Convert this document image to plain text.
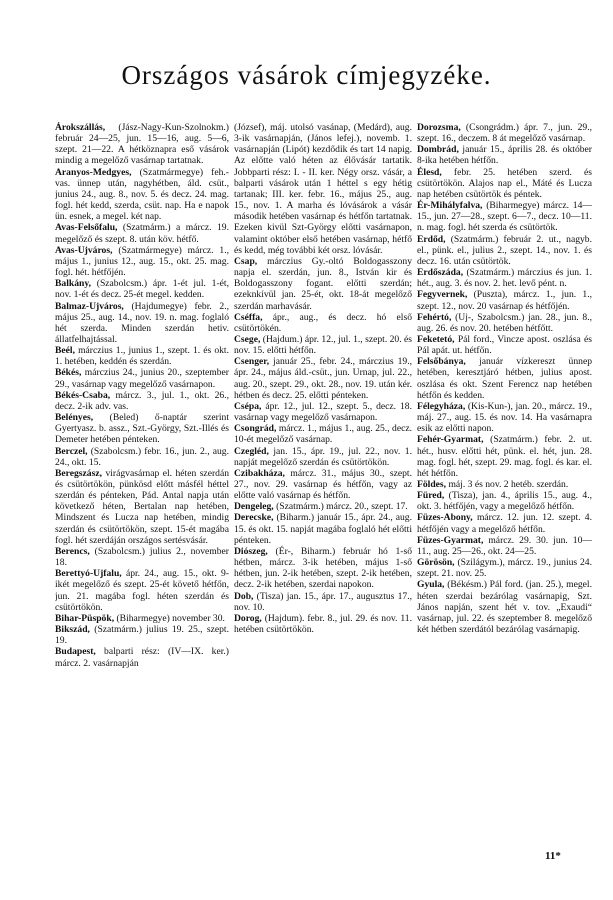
Országos vásárok címjegyzéke.

Árokszállás, (Jász-Nagy-Kun-Szolnokm.) február 24—25, jun. 15—16, aug. 5—6, szept. 21—22. A hétköznapra eső vásárok mindig a megelőző vasárnap tartatnak.

Aranyos-Medgyes, (Szatmármegye) feh.-vas. ünnep után, nagyhétben, áld. csüt., junius 24., aug. 8., nov. 5. és decz. 24. mag. fogl. hét kedd, szerda, csüt. nap. Ha e napok ün. esnek, a megel. két nap.

Avas-Felsőfalu, (Szatmárm.) a márcz. 19. megelőző és szept. 8. után köv. hétfő.

Avas-Ujváros, (Szatmármegye) márcz. 1., május 1., junius 12., aug. 15., okt. 25. mag. fogl. hét. hétfőjén.

Balkány, (Szabolcsm.) ápr. 1-ét jul. 1-ét, nov. 1-ét és decz. 25-ét megel. kedden.

Balmaz-Ujváros, (Hajdumegye) febr. 2., május 25., aug. 14., nov. 19. n. mag. foglaló hét szerda. Minden szerdán hetiv. állatfelhajtással.

Beél, márczius 1., junius 1., szept. 1. és okt. 1. hetében, keddén és szerdán.

Békés, márczius 24., junius 20., szeptember 29., vasárnap vagy megelőző vasárnapon.

Békés-Csaba, márcz. 3., jul. 1., okt. 26., decz. 2-ik adv. vas.

Belényes, (Beled) ő-naptár szerint Gyertyasz. b. assz., Szt.-György, Szt.-Illés és Demeter hetében pénteken.

Berczel, (Szabolcsm.) febr. 16., jun. 2., aug. 24., okt. 15.

Beregszász, virágvasárnap el. héten szerdán és csütörtökön, pünkösd előtt másfél héttel szerdán és pénteken, Pád. Antal napja után következő héten, Bertalan nap hetében, Mindszent és Lucza nap hetében, mindig szerdán és csütörtökön, szept. 15-ét magába fogl. hét szerdáján országos sertésvásár.

Berencs, (Szabolcsm.) julius 2., november 18.

Berettyó-Ujfalu, ápr. 24., aug. 15., okt. 9-ikét megelőző és szept. 25-ét követő hétfőn, jun. 21. magába fogl. héten szerdán és csütörtökön.

Bihar-Püspök, (Biharmegye) november 30.

Bikszád, (Szatmárm.) julius 19. 25., szept. 19.

Budapest, balparti rész: (IV—IX. ker.) márcz. 2. vasárnapján

(József), máj. utolsó vasánap, (Medárd), aug. 3-ik vasárnapján, (János lefej.), novemb. 1. vasárnapján (Lipót) kezdődik és tart 14 napig. Az előtte való héten az élővásár tartatik. Jobbparti rész: I. - II. ker. Négy orsz. vásár, a balparti vásárok után 1 héttel s egy hétig tartanak; III. ker. febr. 16., május 25., aug. 15., nov. 1. A marha és lóvásárok a vásár második hetében vasárnap és hétfőn tartatnak. Ezeken kivül Szt-György előtti vasárnapon, valamint október első hetében vasárnap, hétfő és kedd, még további két orsz. lóvásár.

Csap, márczius Gy.-oltó Boldogasszony napja el. szerdán, jun. 8., István kir és Boldogasszony fogant. előtti szerdán; ezeknkívül jan. 25-ét, okt. 18-át megelőző szerdán marhavásár.

Cséffa, ápr., aug., és decz. hó első csütörtökén.

Csege, (Hajdum.) ápr. 12., jul. 1., szept. 20. és nov. 15. előtti hétfőn.

Csenger, január 25., febr. 24., márczius 19., ápr. 24., május áld.-csüt., jun. Urnap, jul. 22., aug. 20., szept. 29., okt. 28., nov. 19. után kér. hétben és decz. 25. előtti pénteken.

Csépa, ápr. 12., jul. 12., szept. 5., decz. 18. vasárnap vagy megelőző vasárnapon.

Csongrád, márcz. 1., május 1., aug. 25., decz. 10-ét megelőző vasárnap.

Czegléd, jan. 15., ápr. 19., jul. 22., nov. 1. napját megelőző szerdán és csütörtökön.

Czibakháza, márcz. 31., május 30., szept. 27., nov. 29. vasárnap és hétfőn, vagy az előtte való vasárnap és hétfőn.

Dengeleg, (Szatmárm.) márcz. 20., szept. 17.

Derecske, (Biharm.) január 15., ápr. 24., aug. 15. és okt. 15. napját magába foglaló hét előtti pénteken.

Diószeg, (Ér-, Biharm.) február hó 1-ső hétben, márcz. 3-ik hetében, május 1-ső hétben, jun. 2-ik hetében, szept. 2-ik hetében, decz. 2-ik hetében, szerdai napokon.

Dob, (Tisza) jan. 15., ápr. 17., augusztus 17., nov. 10.

Dorog, (Hajdum). febr. 8., jul. 29. és nov. 11. hetében csütörtökön.

Dorozsma, (Csongrádm.) ápr. 7., jun. 29., szept. 16., deczem. 8 át megelőző vasárnap.

Dombrád, január 15., április 28. és október 8-ika hetében hétfőn.

Élesd, febr. 25. hetében szerd. és csütörtökön. Alajos nap el., Máté és Lucza nap hetében csütörtök és péntek.

Ér-Mihályfalva, (Biharmegye) márcz. 14—15., jun. 27—28., szept. 6—7., decz. 10—11. n. mag. fogl. hét szerda és csütörtök.

Erdőd, (Szatmárm.) február 2. ut., nagyb. el., pünk. el., julius 2., szept. 14., nov. 1. és decz. 16. után csütörtök.

Erdőszáda, (Szatmárm.) márczius és jun. 1. hét., aug. 3. és nov. 2. het. levő pént. n.

Fegyvernek, (Puszta), márcz. 1., jun. 1., szept. 12., nov. 20 vasárnap és hétfőjén.

Fehértó, (Uj-, Szabolcsm.) jan. 28., jun. 8., aug. 26. és nov. 20. hetében hétfőtt.

Feketetó, Pál ford., Vincze apost. oszlása és Pál apát. ut. hétfőn.

Felsőbánya, január vízkereszt ünnep hetében, keresztjáró hétben, julius apost. oszlása és okt. Szent Ferencz nap hetében hétfőn és kedden.

Félegyháza, (Kis-Kun-), jan. 20., márcz. 19., máj. 27., aug. 15. és nov. 14. Ha vasárnapra esik az előtti napon.

Fehér-Gyarmat, (Szatmárm.) febr. 2. ut. hét., husv. előtti hét, pünk. el. hét, jun. 28. mag. fogl. hét, szept. 29. mag. fogl. és kar. el. hét hétfőn.

Földes, máj. 3 és nov. 2 hetéb. szerdán.

Füred, (Tisza), jan. 4., április 15., aug. 4., okt. 3. hétfőjén, vagy a megelőző hétfőn.

Füzes-Abony, márcz. 12. jun. 12. szept. 4. hétfőjén vagy a megelőző hétfőn.

Füzes-Gyarmat, márcz. 29. 30. jun. 10—11., aug. 25—26., okt. 24—25.

Görösön, (Szilágym.), márcz. 19., junius 24. szept. 21. nov. 25.

Gyula, (Békésm.) Pál ford. (jan. 25.), megel. héten szerdai bezárólag vasárnapig, Szt. János napján, szent hét v. tov. „Exaudi“ vasárnap, jul. 22. és szeptember 8. megelőző két hétben szerdától bezárólag vasárnapig.

11*
